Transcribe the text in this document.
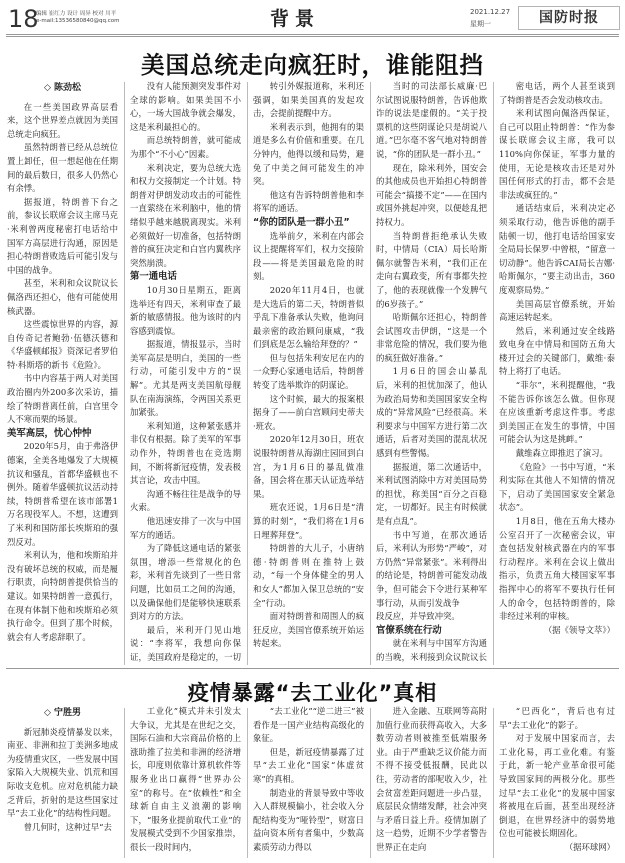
18
编辑 崔红力 设计 周异 校对 川平
e-mail:13536580840@qq.com	背景	2021.12.27
星期一	国防时报
美国总统走向疯狂时，谁能阻挡
◇ 陈劲松

在一些美国政界高层看来，这个世界差点就因为美国总统走向疯狂。

虽然特朗普已经从总统位置上卸任，但一想起他在任期间的最后数日，很多人仍然心有余悸。

据报道，特朗普下台之前，参议长联席会议主席马克·米利曾两度秘密打电话给中国军方高层进行沟通，原因是担心特朗普败选后可能引发与中国的战争。

甚至，米利和众议院议长佩洛西还担心，他有可能使用核武器。

这些震惊世界的内容，源自传奇记者鲍勃·伍德沃德和《华盛顿邮报》资深记者罗伯特·科斯塔的新书《危险》。

书中内容基于两人对美国政治圈内外200多次采访，描绘了特朗普离任前，白宫里令人不寒而栗的场景。

美军高层，忧心忡忡

2020年5月，由于弗洛伊德案，全美各地爆发了大规模抗议和骚乱，首都华盛顿也不例外。随着华盛顿抗议活动持续，特朗普希望在该市部署1万名现役军人。不想，这遭到了米利和国防部长埃斯珀的强烈反对。

米利认为，他和埃斯珀并没有破坏总统的权威，而是履行职责，向特朗普提供恰当的建议。如果特朗普一意孤行，在现有体制下他和埃斯珀必须执行命令。但到了那个时候，就会有人考虑辞职了。

没有人能预测突发事件对全球的影响。如果美国不小心，一场大国战争就会爆发，这是米利最担心的。

而总统特朗普，就可能成为那个“不小心”因素。

米利决定，要为总统大选和权力交接制定一个计划。特朗普对伊朗发动攻击的可能性一直萦绕在米利脑中，他的情绪似乎越来越脱离现实。米利必须做好一切准备，包括特朗普的疯狂决定和白宫内翼秩序突然崩溃。

第一通电话

10月30日星期五，距离选举还有四天，米利审查了最新的敏感情报。他为该时的内容感到震惊。

据报道，情报显示，当时美军高层是明白，美国的一些行动，可能引发中方的“误解”。尤其是两支美国航母舰队在南海演练，令两国关系更加紧张。

米利知道，这种紧张感并非仅有根据。除了美军的军事动作外，特朗普也在竞选期间，不断将新冠疫情，发表极其言论，攻击中国。

沟通不畅往往是战争的导火索。

他迅速安排了一次与中国军方的通话。

为了降低这通电话的紧张氛围，增添一些常规化的色彩，米利首先谈到了一些日常问题，比如员工之间的沟通，以及确保他们是能够快速联系到对方的方法。

最后，米利开门见山地说：“李将军，我想向你保证，美国政府是稳定的，一切

转引外媒报道称，米利还强调，如果美国真的发起攻击，会提前提醒中方。

米利表示到，他拥有的渠道是多么有价值和重要。在几分钟内，他得以缓和局势，避免了中美之间可能发生的冲突。

他这有告诉特朗普他和李将军的通话。

“你的团队是一群小丑”

选举前夕，米利在内部会议上提醒将军们，权力交接阶段——将是美国最危险的时刻。

2020年11月4日，也就是大选后的第二天，特朗普似乎乱下准备承认失败，他询问最亲密的政治顾问康威，“我们到底是怎么输给拜登的？”

但与包括朱利安尼在内的一众野心家通电话后，特朗普转变了选举欺诈的阴谋论。

这个时候，最大的报案根据身了——前白宫顾问史蒂夫·班农。

2020年12月30日，班农说服特朗普从海湖庄园回到白宫，为1月6日的暴乱做准备，国会将在那天认证选举结果。

班农还说，1月6日是“清算的时刻”，“我们将在1月6日埋葬拜登”。

特朗普的大儿子，小唐纳德·特朗普则在推特上鼓动，“每一个身体健全的男人和女人”都加入保卫总统的“安全”行动。

面对特朗普和周围人的疯狂反应，美国官僚系统开始运转起来。

当时的司法部长威廉·巴尔试图说服特朗普，告诉他欺诈的说法是虚假的。“关于投票机的这些阴谋论只是胡说八道。”巴尔毫不客气地对特朗普说，“你的团队是一群小丑。”

现在，除米利外，国安会的其他成员也开始担心特朗普可能会“搞搂不定”——在国内或国外挑起冲突，以便趁乱把持权力。

当特朗普拒绝承认失败时，中情局（CIA）局长哈斯佩尔就警告米利，“我们正在走向右翼政变，所有事都失控了，他的表现就像一个发脾气的6岁孩子。”

哈斯佩尔还担心，特朗普会试图攻击伊朗，“这是一个非常危险的情况，我们要为他的疯狂做好准备。”

1月6日的国会山暴乱后，米利的担忧加深了，他认为政治局势和美国国家安全构成的“异常风险”已经很高。米利要求与中国军方进行第二次通话，后者对美国的混乱状况感到有些警惕。

据报道，第二次通话中，米利试图消除中方对美国局势的担忧，称美国“百分之百稳定，一切都好。民主有时候就是有点乱”。

书中写道，在那次通话后，米利认为形势“严峻”，对方仍然“异常紧张”。米利得出的结论是，特朗普可能发动战争，但可能会下令进行某种军事行动，从而引发战争

段反应，并导致冲突。

官僚系统在行动

就在米利与中国军方沟通的当晚，米利接到众议院议长

密电话，两个人甚至谈到了特朗普是否会发动核攻击。

米利试图向佩洛西保证，自己可以阻止特朗普：“作为参谋长联席会议主席，我可以110%向你保证，军事力量的使用，无论是核攻击还是对外国任何形式的打击，都不会是非法或疯狂的。”

通话结束后，米利决定必须采取行动，他告诉他的副手陆顿一切，他打电话给国家安全局局长保罗·中曾根，“留意一切动静”。他告诉CAI局长吉娜·哈斯佩尔，“要主动出击，360度观察局势。”

美国高层官僚系统，开始高速运转起来。

然后，米利通过安全线路致电身在中情局和国防五角大楼开过会的关键部门，戴维·泰特上将打了电话。

“菲尔”，米利提醒他，“我不能告诉你该怎么做。但你现在应该重新考虑这件事。考虑到美国正在发生的事情，中国可能会认为这是挑衅。”

戴维森立即推迟了演习。

《危险》一书中写道，“米利实际在其他人不知情的情况下，启动了美国国家安全紧急状态”。

1月8日，他在五角大楼办公室召开了一次秘密会议，审查包括发射核武器在内的军事行动程序。米利在会议上做出指示，负责五角大楼国家军事指挥中心的将军不要执行任何人的命令，包括特朗普的，除非经过米利的审核。

（据《领导文萃》）

疫情暴露“去工业化”真相
◇ 宁胜男

新冠肺炎疫情暴发以来，南亚、非洲和拉丁美洲多地成为疫情重灾区，一些发展中国家陷入大规模失业、饥荒和国际收支危机。应对危机能力缺乏背后，折射的是这些国家过早“去工业化”的结构性问题。

曾几何时，这种过早“去

工业化”模式并未引发太大争议，尤其是在世纪之交，国际石油和大宗商品价格的上涨助推了拉美和非洲的经济增长，印度则依靠计算机软件等服务业出口赢得“世界办公室”的称号。在“依赖性”和全球新自由主义浪潮的影响下，“服务业提前取代工业”的发展模式受到不少国家推崇，很长一段时间内，

“去工业化”“逆二进三”被看作是一国产业结构高级化的象征。

但是，新冠疫情暴露了过早“去工业化”国家“体虚贫寒”的真相。

制造业的背景导致中等收入人群规模偏小，社会收入分配结构变为“哑铃型”，财富日益向资本所有者集中，少数高素质劳动力得以

进入金融、互联网等高附加值行业而获得高收入，大多数劳动者则被推至低端服务业。由于严重缺乏议价能力而不得不接受低报酬，民此以往，劳动者的部呢收入少，社会贫富差距问题进一步凸显，底层民众情绪发酵，社会冲突与矛盾日益上升。疫情加剧了这一趋势，近期不少学者警告世界正在走向

“巴西化”，背后也有过早“去工业化”的影子。

对于发展中国家而言，去工业化易，再工业化难。有鉴于此，新一轮产业革命很可能导致国家间的两极分化。那些过早“去工业化”的发展中国家将被甩在后面，甚至出现经济倒退，在世界经济中的弱势地位也可能被长期固化。

（据环球网）
